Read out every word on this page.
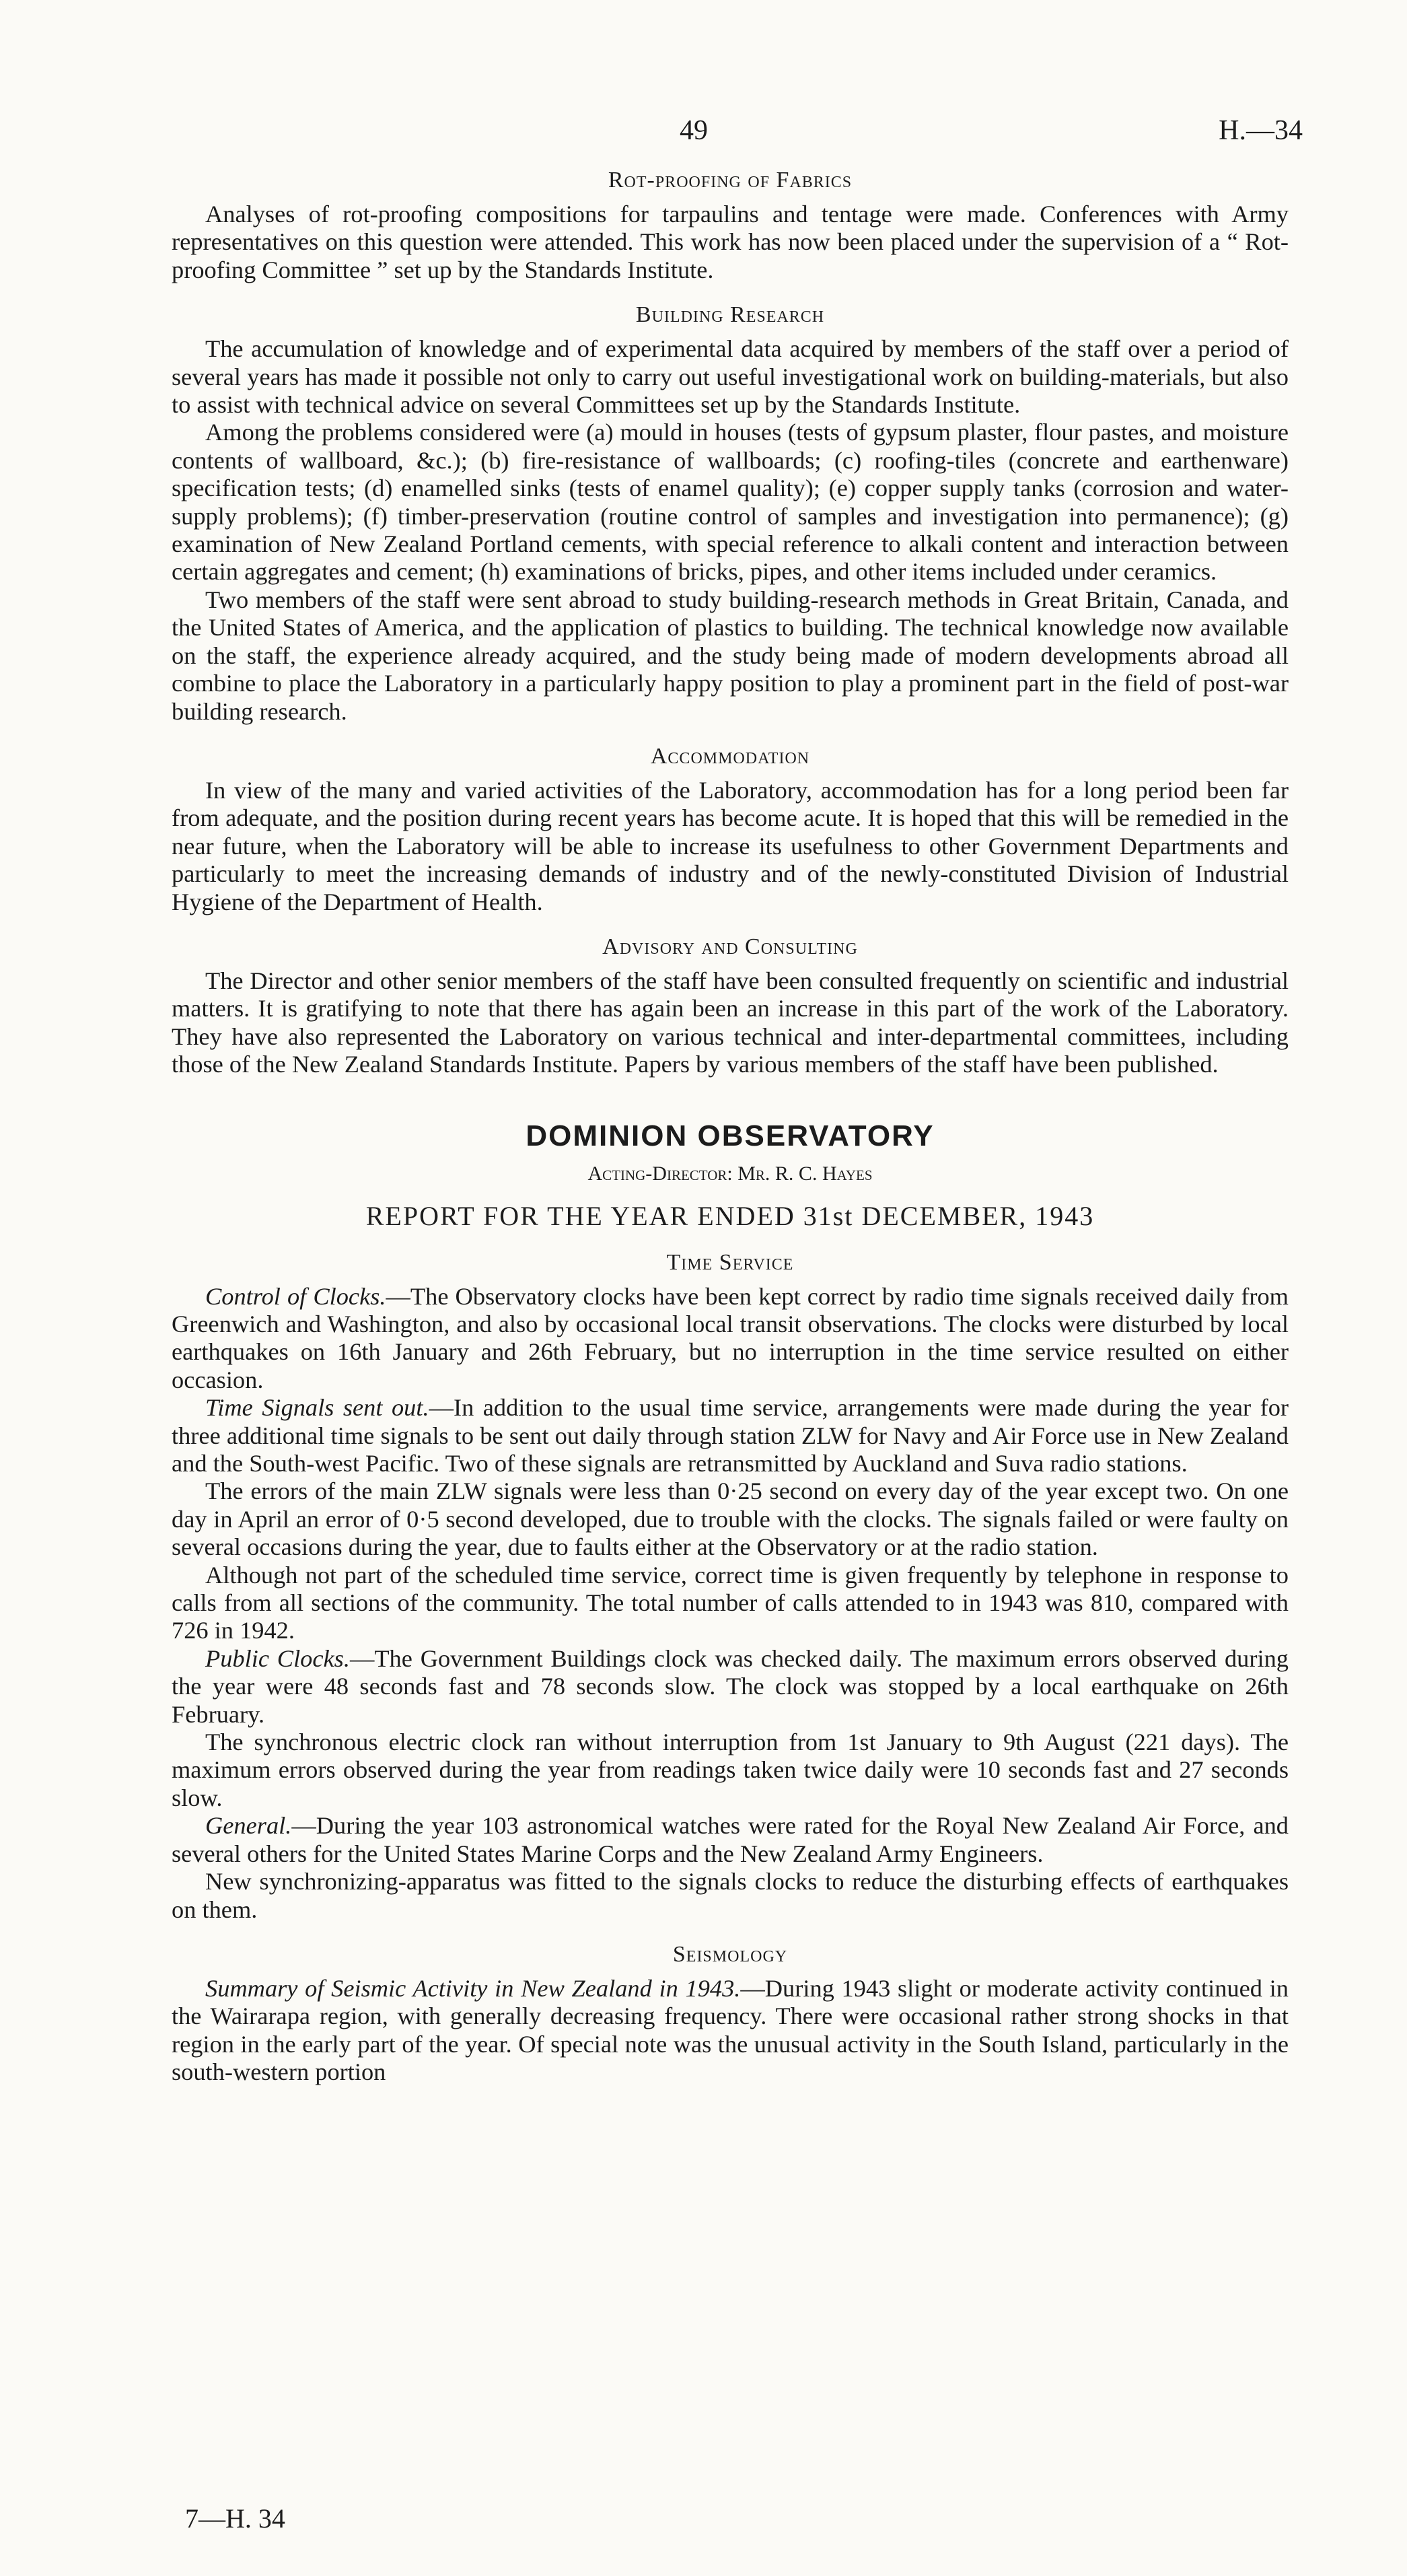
49	H.—34
Rot-proofing of Fabrics

Analyses of rot-proofing compositions for tarpaulins and tentage were made. Conferences with Army representatives on this question were attended. This work has now been placed under the supervision of a “ Rot-proofing Committee ” set up by the Standards Institute.

Building Research

The accumulation of knowledge and of experimental data acquired by members of the staff over a period of several years has made it possible not only to carry out useful investigational work on building-materials, but also to assist with technical advice on several Committees set up by the Standards Institute.

Among the problems considered were (a) mould in houses (tests of gypsum plaster, flour pastes, and moisture contents of wallboard, &c.); (b) fire-resistance of wallboards; (c) roofing-tiles (concrete and earthenware) specification tests; (d) enamelled sinks (tests of enamel quality); (e) copper supply tanks (corrosion and water-supply problems); (f) timber-preservation (routine control of samples and investigation into permanence); (g) examination of New Zealand Portland cements, with special reference to alkali content and interaction between certain aggregates and cement; (h) examinations of bricks, pipes, and other items included under ceramics.

Two members of the staff were sent abroad to study building-research methods in Great Britain, Canada, and the United States of America, and the application of plastics to building. The technical knowledge now available on the staff, the experience already acquired, and the study being made of modern developments abroad all combine to place the Laboratory in a particularly happy position to play a prominent part in the field of post-war building research.

Accommodation

In view of the many and varied activities of the Laboratory, accommodation has for a long period been far from adequate, and the position during recent years has become acute. It is hoped that this will be remedied in the near future, when the Laboratory will be able to increase its usefulness to other Government Departments and particularly to meet the increasing demands of industry and of the newly-constituted Division of Industrial Hygiene of the Department of Health.

Advisory and Consulting

The Director and other senior members of the staff have been consulted frequently on scientific and industrial matters. It is gratifying to note that there has again been an increase in this part of the work of the Laboratory. They have also represented the Laboratory on various technical and inter-departmental committees, including those of the New Zealand Standards Institute. Papers by various members of the staff have been published.

DOMINION OBSERVATORY
Acting-Director: Mr. R. C. Hayes
REPORT FOR THE YEAR ENDED 31st DECEMBER, 1943
Time Service

Control of Clocks.—The Observatory clocks have been kept correct by radio time signals received daily from Greenwich and Washington, and also by occasional local transit observations. The clocks were disturbed by local earthquakes on 16th January and 26th February, but no interruption in the time service resulted on either occasion.

Time Signals sent out.—In addition to the usual time service, arrangements were made during the year for three additional time signals to be sent out daily through station ZLW for Navy and Air Force use in New Zealand and the South-west Pacific. Two of these signals are retransmitted by Auckland and Suva radio stations.

The errors of the main ZLW signals were less than 0·25 second on every day of the year except two. On one day in April an error of 0·5 second developed, due to trouble with the clocks. The signals failed or were faulty on several occasions during the year, due to faults either at the Observatory or at the radio station.

Although not part of the scheduled time service, correct time is given frequently by telephone in response to calls from all sections of the community. The total number of calls attended to in 1943 was 810, compared with 726 in 1942.

Public Clocks.—The Government Buildings clock was checked daily. The maximum errors observed during the year were 48 seconds fast and 78 seconds slow. The clock was stopped by a local earthquake on 26th February.

The synchronous electric clock ran without interruption from 1st January to 9th August (221 days). The maximum errors observed during the year from readings taken twice daily were 10 seconds fast and 27 seconds slow.

General.—During the year 103 astronomical watches were rated for the Royal New Zealand Air Force, and several others for the United States Marine Corps and the New Zealand Army Engineers.

New synchronizing-apparatus was fitted to the signals clocks to reduce the disturbing effects of earthquakes on them.

Seismology

Summary of Seismic Activity in New Zealand in 1943.—During 1943 slight or moderate activity continued in the Wairarapa region, with generally decreasing frequency. There were occasional rather strong shocks in that region in the early part of the year. Of special note was the unusual activity in the South Island, particularly in the south-western portion

7—H. 34
